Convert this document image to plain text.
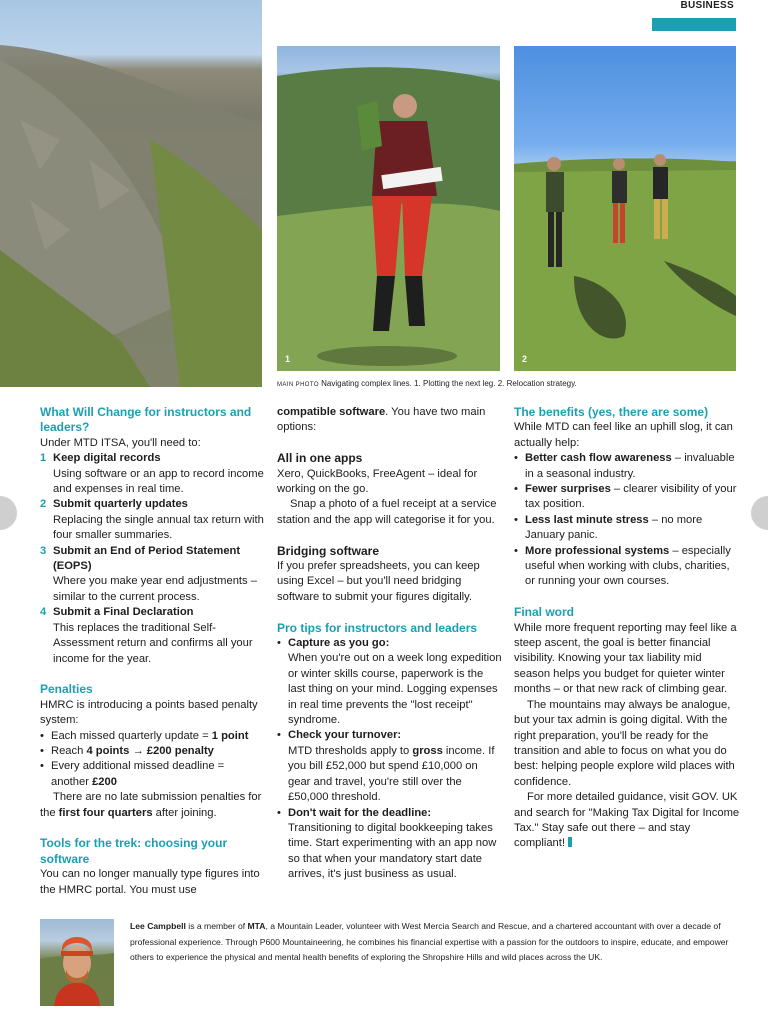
BUSINESS
1	2
MAIN PHOTO Navigating complex lines. 1. Plotting the next leg. 2. Relocation strategy.

What Will Change for instructors and leaders?

Under MTD ITSA, you'll need to:

1 Keep digital records

Using software or an app to record income and expenses in real time.

2 Submit quarterly updates

Replacing the single annual tax return with four smaller summaries.

3 Submit an End of Period Statement (EOPS)

Where you make year end adjustments – similar to the current process.

4 Submit a Final Declaration

This replaces the traditional Self-Assessment return and confirms all your income for the year.

Penalties

HMRC is introducing a points based penalty system:

• Each missed quarterly update = 1 point

• Reach 4 points → £200 penalty

• Every additional missed deadline = another £200

There are no late submission penalties for the first four quarters after joining.

Tools for the trek: choosing your software

You can no longer manually type figures into the HMRC portal. You must use

compatible software. You have two main options:

All in one apps

Xero, QuickBooks, FreeAgent – ideal for working on the go.

Snap a photo of a fuel receipt at a service station and the app will categorise it for you.

Bridging software

If you prefer spreadsheets, you can keep using Excel – but you'll need bridging software to submit your figures digitally.

Pro tips for instructors and leaders

• Capture as you go:

When you're out on a week long expedition or winter skills course, paperwork is the last thing on your mind. Logging expenses in real time prevents the "lost receipt" syndrome.

• Check your turnover:

MTD thresholds apply to gross income. If you bill £52,000 but spend £10,000 on gear and travel, you're still over the £50,000 threshold.

• Don't wait for the deadline:

Transitioning to digital bookkeeping takes time. Start experimenting with an app now so that when your mandatory start date arrives, it's just business as usual.

The benefits (yes, there are some)

While MTD can feel like an uphill slog, it can actually help:

• Better cash flow awareness – invaluable in a seasonal industry.

• Fewer surprises – clearer visibility of your tax position.

• Less last minute stress – no more January panic.

• More professional systems – especially useful when working with clubs, charities, or running your own courses.

Final word

While more frequent reporting may feel like a steep ascent, the goal is better financial visibility. Knowing your tax liability mid season helps you budget for quieter winter months – or that new rack of climbing gear.

The mountains may always be analogue, but your tax admin is going digital. With the right preparation, you'll be ready for the transition and able to focus on what you do best: helping people explore wild places with confidence.

For more detailed guidance, visit GOV. UK and search for "Making Tax Digital for Income Tax." Stay safe out there – and stay compliant!

Lee Campbell is a member of MTA, a Mountain Leader, volunteer with West Mercia Search and Rescue, and a chartered accountant with over a decade of professional experience. Through P600 Mountaineering, he combines his financial expertise with a passion for the outdoors to inspire, educate, and empower others to experience the physical and mental health benefits of exploring the Shropshire Hills and wild places across the UK.
